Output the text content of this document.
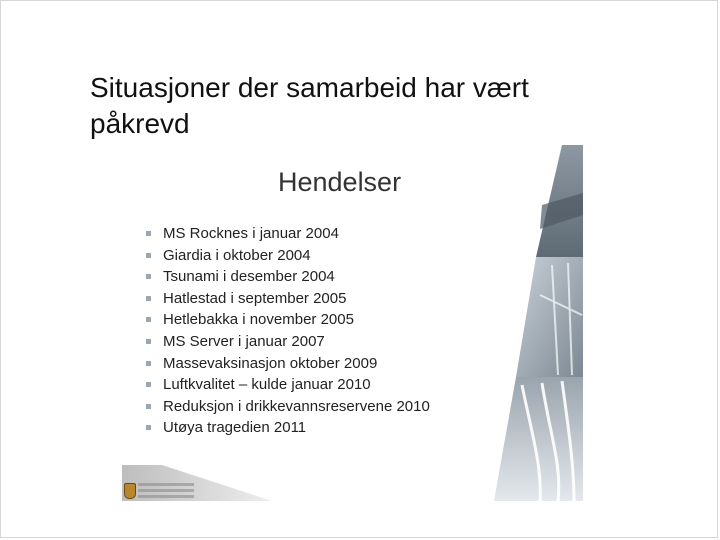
Situasjoner der samarbeid har vært
påkrevd
Hendelser
MS Rocknes i januar 2004
Giardia i oktober 2004
Tsunami i desember 2004
Hatlestad i september 2005
Hetlebakka i november 2005
MS Server i januar 2007
Massevaksinasjon oktober 2009
Luftkvalitet – kulde januar 2010
Reduksjon i drikkevannsreservene 2010
Utøya tragedien 2011
